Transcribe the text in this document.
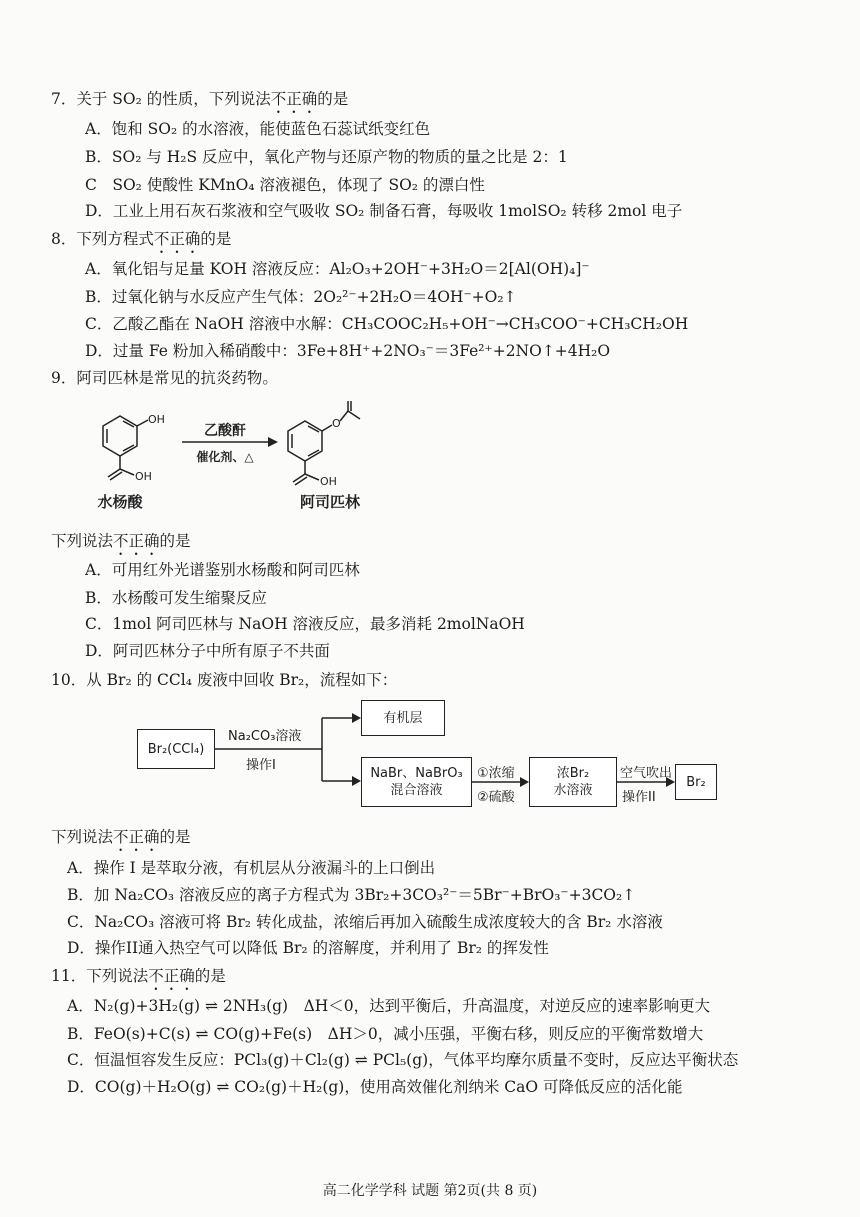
7．关于 SO₂ 的性质，下列说法不正确的是
A．饱和 SO₂ 的水溶液，能使蓝色石蕊试纸变红色
B．SO₂ 与 H₂S 反应中，氧化产物与还原产物的物质的量之比是 2：1
C　SO₂ 使酸性 KMnO₄ 溶液褪色，体现了 SO₂ 的漂白性
D．工业上用石灰石浆液和空气吸收 SO₂ 制备石膏，每吸收 1molSO₂ 转移 2mol 电子
8．下列方程式不正确的是
A．氧化铝与足量 KOH 溶液反应：Al₂O₃+2OH⁻+3H₂O＝2[Al(OH)₄]⁻
B．过氧化钠与水反应产生气体：2O₂²⁻+2H₂O＝4OH⁻+O₂↑
C．乙酸乙酯在 NaOH 溶液中水解：CH₃COOC₂H₅+OH⁻→CH₃COO⁻+CH₃CH₂OH
D．过量 Fe 粉加入稀硝酸中：3Fe+8H⁺+2NO₃⁻＝3Fe²⁺+2NO↑+4H₂O
9．阿司匹林是常见的抗炎药物。
OH
OH
O
OH
乙酸酐
催化剂、△
水杨酸	阿司匹林
下列说法不正确的是
A．可用红外光谱鉴别水杨酸和阿司匹林
B．水杨酸可发生缩聚反应
C．1mol 阿司匹林与 NaOH 溶液反应，最多消耗 2molNaOH
D．阿司匹林分子中所有原子不共面
10．从 Br₂ 的 CCl₄ 废液中回收 Br₂，流程如下：
Br₂(CCl₄)
Na₂CO₃溶液
操作I
有机层
NaBr、NaBrO₃
混合溶液
①浓缩
②硫酸
浓Br₂
水溶液
空气吹出
操作II
Br₂
下列说法不正确的是
A．操作 I 是萃取分液，有机层从分液漏斗的上口倒出
B．加 Na₂CO₃ 溶液反应的离子方程式为 3Br₂+3CO₃²⁻＝5Br⁻+BrO₃⁻+3CO₂↑
C．Na₂CO₃ 溶液可将 Br₂ 转化成盐，浓缩后再加入硫酸生成浓度较大的含 Br₂ 水溶液
D．操作II通入热空气可以降低 Br₂ 的溶解度，并利用了 Br₂ 的挥发性
11．下列说法不正确的是
A．N₂(g)+3H₂(g) ⇌ 2NH₃(g)　ΔH＜0，达到平衡后，升高温度，对逆反应的速率影响更大
B．FeO(s)+C(s) ⇌ CO(g)+Fe(s)　ΔH＞0，减小压强，平衡右移，则反应的平衡常数增大
C．恒温恒容发生反应：PCl₃(g)＋Cl₂(g) ⇌ PCl₅(g)，气体平均摩尔质量不变时，反应达平衡状态
D．CO(g)＋H₂O(g) ⇌ CO₂(g)＋H₂(g)，使用高效催化剂纳米 CaO 可降低反应的活化能
高二化学学科 试题 第2页(共 8 页)
